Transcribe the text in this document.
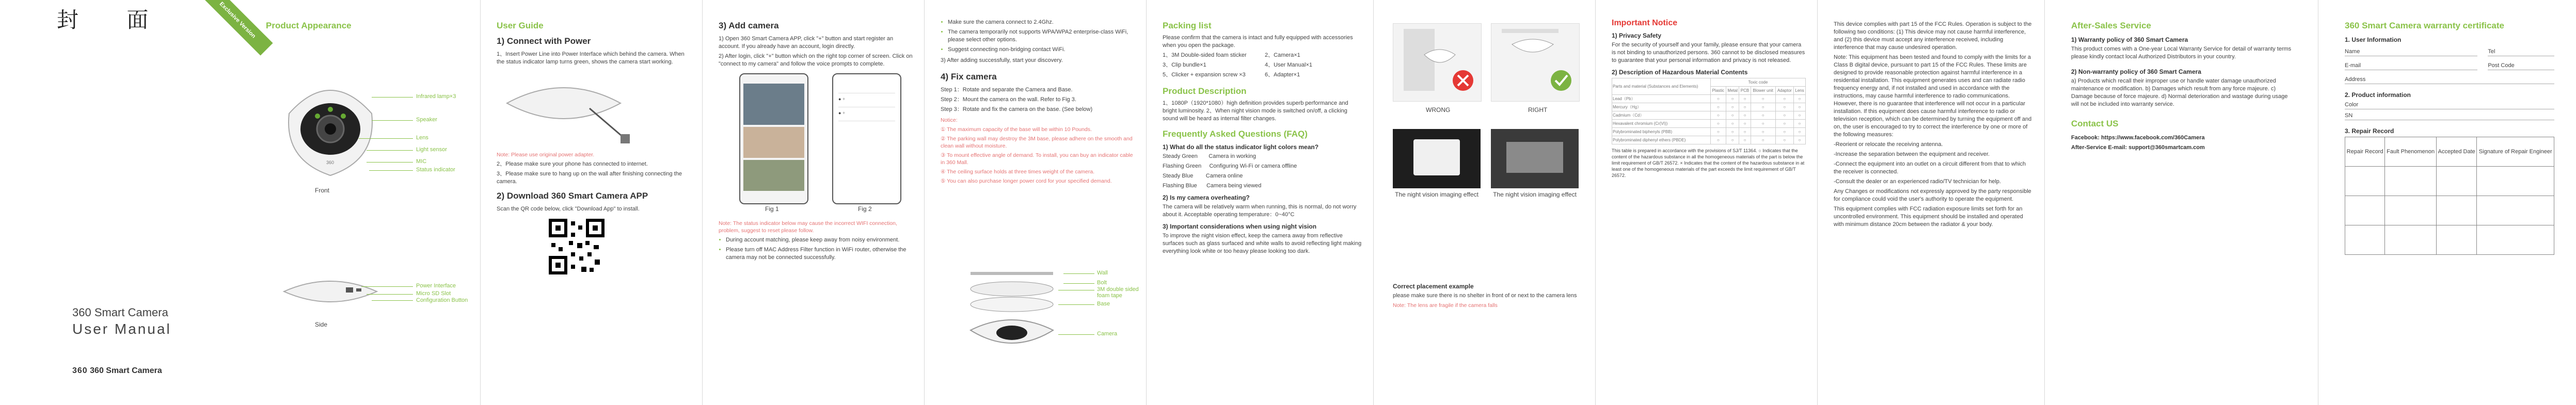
封 面	Exclusive Version
360 Smart Camera
User Manual
360 360 Smart Camera
Product Appearance
360
Front
Infrared lamp×3
Speaker
Lens
Light sensor
MIC
Status indicator
Side
Power Interface
Micro SD Slot
Configuration Button
User Guide
1) Connect with Power

1、Insert Power Line into Power Interface which behind the camera. When the status indicator lamp turns green, shows the camera start working.

Note: Please use original power adapter.

2、Please make sure your phone has connected to internet.

3、Please make sure to hang up on the wall after finishing connecting the camera.

2) Download 360 Smart Camera APP

Scan the QR code below, click "Download App" to install.

3) Add camera

1) Open 360 Smart Camera APP, click "+" button and start register an account. If you already have an account, login directly.

2) After login, click "+" button which on the right top corner of screen. Click on "connect to my camera" and follow the voice prompts to complete.

● +
● +
Fig 1	Fig 2

Note: The status indicator below may cause the incorrect WIFI connection, problem, suggest to reset please follow.

• During account matching, please keep away from noisy environment.
• Please turn off MAC Address Filter function in WiFi router, otherwise the camera may not be connected successfully.
• Make sure the camera connect to 2.4Ghz.
• The camera temporarily not supports WPA/WPA2 enterprise-class WiFi, please select other options.
• Suggest connecting non-bridging contact WiFi.

3) After adding successfully, start your discovery.

4) Fix camera

Step 1：Rotate and separate the Camera and Base.

Step 2：Mount the camera on the wall. Refer to Fig 3.

Step 3：Rotate and fix the camera on the base. (See below)

Notice:

① The maximum capacity of the base will be within 10 Pounds.

② The parking wall may destroy the 3M base, please adhere on the smooth and clean wall without moisture.

③ To mount effective angle of demand. To install, you can buy an indicator cable in 360 Mall.

④ The ceiling surface holds at three times weight of the camera.

⑤ You can also purchase longer power cord for your specified demand.

Wall
Bolt
3M double sided foam tape
Base
Camera
Packing list

Please confirm that the camera is intact and fully equipped with accessories when you open the package.

1、3M Double-sided foam sticker	2、Camera×1

3、Clip bundle×1	4、User Manual×1

5、Clicker + expansion screw ×3	6、Adapter×1

Product Description

1、1080P（1920*1080）high definition provides superb performance and bright luminosity. 2、When night vision mode is switched on/off, a clicking sound will be heard as internal filter changes.

Frequently Asked Questions (FAQ)
1) What do all the status indicator light colors mean?

Steady Green       Camera in working

Flashing Green     Configuring Wi-Fi or camera offline

Steady Blue        Camera online

Flashing Blue      Camera being viewed

2) Is my camera overheating?

The camera will be relatively warm when running, this is normal, do not worry about it. Acceptable operating temperature：0~40°C

3) Important considerations when using night vision

To improve the night vision effect, keep the camera away from reflective surfaces such as glass surfaced and white walls to avoid reflecting light making everything look white or too heavy please looking too dark.

WRONG	RIGHT
The night vision imaging effect	The night vision imaging effect
Correct placement example

please make sure there is no shelter in front of or next to the camera lens

Note: The lens are fragile if the camera falls

Important Notice
1) Privacy Safety

For the security of yourself and your family, please ensure that your camera is not binding to unauthorized persons. 360 cannot to be disclosed measures to guarantee that your personal information and privacy is not released.

2) Description of Hazardous Material Contents
Parts and material (Substances and Elements)	Toxic code					
	Plastic	Metal	PCB	Blower unit	Adaptor	Lens
Lead（Pb）	○	○	○	○	○	○
Mercury（Hg）	○	○	○	○	○	○
Cadmium（Cd）	○	○	○	○	○	○
Hexavalent chromium (Cr(VI))	○	○	○	○	○	○
Polybrominated biphenyls (PBB)	○	○	○	○	○	○
Polybrominated diphenyl ethers (PBDE)	○	○	○	○	○	○

This table is prepared in accordance with the provisions of SJ/T 11364. ○ Indicates that the content of the hazardous substance in all the homogeneous materials of the part is below the limit requirement of GB/T 26572. × Indicates that the content of the hazardous substance in at least one of the homogeneous materials of the part exceeds the limit requirement of GB/T 26572.

This device complies with part 15 of the FCC Rules. Operation is subject to the following two conditions: (1) This device may not cause harmful interference, and (2) this device must accept any interference received, including interference that may cause undesired operation.

Note: This equipment has been tested and found to comply with the limits for a Class B digital device, pursuant to part 15 of the FCC Rules. These limits are designed to provide reasonable protection against harmful interference in a residential installation. This equipment generates uses and can radiate radio frequency energy and, if not installed and used in accordance with the instructions, may cause harmful interference to radio communications. However, there is no guarantee that interference will not occur in a particular installation. If this equipment does cause harmful interference to radio or television reception, which can be determined by turning the equipment off and on, the user is encouraged to try to correct the interference by one or more of the following measures:

-Reorient or relocate the receiving antenna.

-Increase the separation between the equipment and receiver.

-Connect the equipment into an outlet on a circuit different from that to which the receiver is connected.

-Consult the dealer or an experienced radio/TV technician for help.

Any Changes or modifications not expressly approved by the party responsible for compliance could void the user's authority to operate the equipment.

This equipment complies with FCC radiation exposure limits set forth for an uncontrolled environment. This equipment should be installed and operated with minimum distance 20cm between the radiator & your body.

After-Sales Service
1) Warranty policy of 360 Smart Camera

This product comes with a One-year Local Warranty Service for detail of warranty terms please kindly contact local Authorized Distributors in your country.

2) Non-warranty policy of 360 Smart Camera

a) Products which recall their improper use or handle water damage unauthorized maintenance or modification. b) Damages which result from any force majeure. c) Damage because of force majeure. d) Normal deterioration and wastage during usage will not be included into warranty service.

Contact US

Facebook: https://www.facebook.com/360Camera

After-Service E-mail: support@360smartcam.com

360 Smart Camera warranty certificate
1. User Information
Name	Tel
E-mail	Post Code
Address
2. Product information
Color
SN
3. Repair Record
Repair Record	Fault Phenomenon	Accepted Date	Signature of Repair Engineer
